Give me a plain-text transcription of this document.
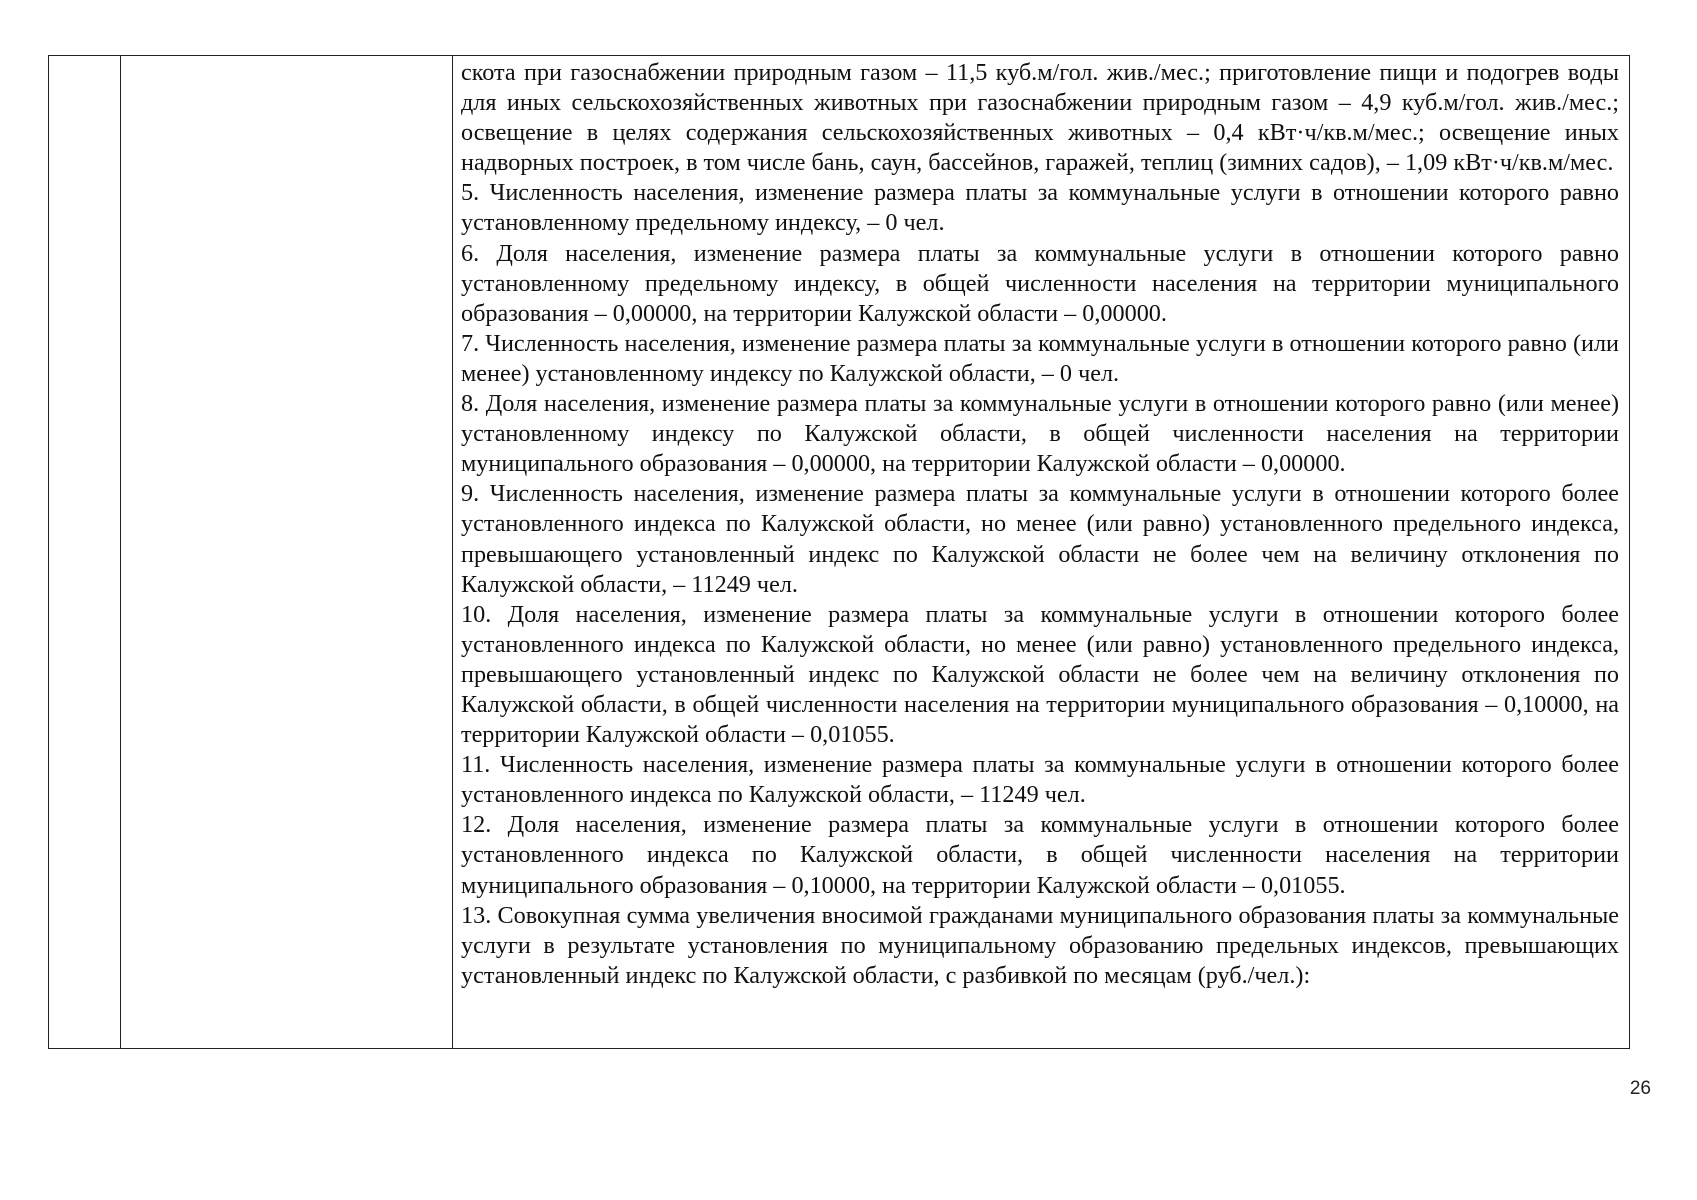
скота при газоснабжении природным газом – 11,5 куб.м/гол. жив./мес.; приготовление пищи и подогрев воды для иных сельскохозяйственных животных при газоснабжении природным газом – 4,9 куб.м/гол. жив./мес.; освещение в целях содержания сельскохозяйственных животных – 0,4 кВт·ч/кв.м/мес.; освещение иных надворных построек, в том числе бань, саун, бассейнов, гаражей, теплиц (зимних садов), – 1,09 кВт·ч/кв.м/мес.

5. Численность населения, изменение размера платы за коммунальные услуги в отношении которого равно установленному предельному индексу, – 0 чел.

6. Доля населения, изменение размера платы за коммунальные услуги в отношении которого равно установленному предельному индексу, в общей численности населения на территории муниципального образования – 0,00000, на территории Калужской области – 0,00000.

7. Численность населения, изменение размера платы за коммунальные услуги в отношении которого равно (или менее) установленному индексу по Калужской области, – 0 чел.

8. Доля населения, изменение размера платы за коммунальные услуги в отношении которого равно (или менее) установленному индексу по Калужской области, в общей численности населения на территории муниципального образования – 0,00000, на территории Калужской области – 0,00000.

9. Численность населения, изменение размера платы за коммунальные услуги в отношении которого более установленного индекса по Калужской области, но менее (или равно) установленного предельного индекса, превышающего установленный индекс по Калужской области не более чем на величину отклонения по Калужской области, – 11249 чел.

10. Доля населения, изменение размера платы за коммунальные услуги в отношении которого более установленного индекса по Калужской области, но менее (или равно) установленного предельного индекса, превышающего установленный индекс по Калужской области не более чем на величину отклонения по Калужской области, в общей численности населения на территории муниципального образования – 0,10000, на территории Калужской области – 0,01055.

11. Численность населения, изменение размера платы за коммунальные услуги в отношении которого более установленного индекса по Калужской области, – 11249 чел.

12. Доля населения, изменение размера платы за коммунальные услуги в отношении которого более установленного индекса по Калужской области, в общей численности населения на территории муниципального образования – 0,10000, на территории Калужской области – 0,01055.

13. Совокупная сумма увеличения вносимой гражданами муниципального образования платы за коммунальные услуги в результате установления по муниципальному образованию предельных индексов, превышающих установленный индекс по Калужской области, с разбивкой по месяцам (руб./чел.):

26
